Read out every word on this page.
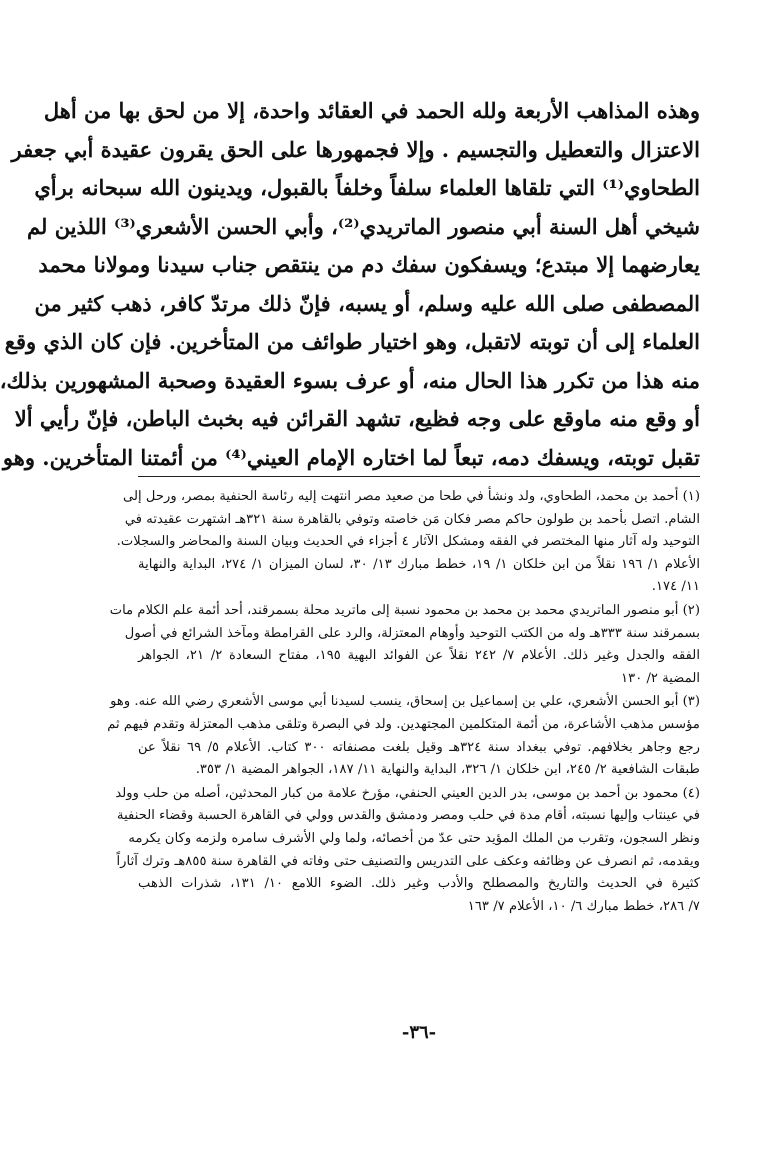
وهذه المذاهب الأربعة ولله الحمد في العقائد واحدة، إلا من لحق بها من أهل
الاعتزال والتعطيل والتجسيم . وإلا فجمهورها على الحق يقرون عقيدة أبي جعفر
الطحاوي⁽¹⁾ التي تلقاها العلماء سلفاً وخلفاً بالقبول، ويدينون الله سبحانه برأي
شيخي أهل السنة أبي منصور الماتريدي⁽²⁾، وأبي الحسن الأشعري⁽³⁾ اللذين لم
يعارضهما إلا مبتدع؛ ويسفكون سفك دم من ينتقص جناب سيدنا ومولانا محمد
المصطفى صلى الله عليه وسلم، أو يسبه، فإنّ ذلك مرتدّ كافر، ذهب كثير من
العلماء إلى أن توبته لاتقبل، وهو اختيار طوائف من المتأخرين. فإن كان الذي وقع
منه هذا من تكرر هذا الحال منه، أو عرف بسوء العقيدة وصحبة المشهورين بذلك،
أو وقع منه ماوقع على وجه فظيع، تشهد القرائن فيه بخبث الباطن، فإنّ رأيي ألا
تقبل توبته، ويسفك دمه، تبعاً لما اختاره الإمام العيني⁽⁴⁾ من أئمتنا المتأخرين. وهو
(١) أحمد بن محمد، الطحاوي، ولد ونشأ في طحا من صعيد مصر انتهت إليه رئاسة الحنفية بمصر، ورحل إلى
الشام. اتصل بأحمد بن طولون حاكم مصر فكان مَن خاصته وتوفي بالقاهرة سنة ٣٢١هـ اشتهرت عقيدته في
التوحيد وله آثار منها المختصر في الفقه ومشكل الآثار ٤ أجزاء في الحديث وبيان السنة والمحاضر والسجلات.
الأعلام ١/ ١٩٦ نقلاً من ابن خلكان ١/ ١٩، خطط مبارك ١٣/ ٣٠، لسان الميزان ١/ ٢٧٤، البداية والنهاية
١١/ ١٧٤.
(٢) أبو منصور الماتريدي محمد بن محمد بن محمود نسبة إلى ماتريد محلة بسمرقند، أحد أئمة علم الكلام مات
بسمرقند سنة ٣٣٣هـ وله من الكتب التوحيد وأوهام المعتزلة، والرد على القرامطة ومآخذ الشرائع في أصول
الفقه والجدل وغير ذلك. الأعلام ٧/ ٢٤٢ نقلاً عن الفوائد البهية ١٩٥، مفتاح السعادة ٢/ ٢١، الجواهر
المضية ٢/ ١٣٠
(٣) أبو الحسن الأشعري، علي بن إسماعيل بن إسحاق، ينسب لسيدنا أبي موسى الأشعري رضي الله عنه. وهو
مؤسس مذهب الأشاعرة، من أئمة المتكلمين المجتهدين. ولد في البصرة وتلقى مذهب المعتزلة وتقدم فيهم ثم
رجع وجاهر بخلافهم. توفي ببغداد سنة ٣٢٤هـ وقيل بلغت مصنفاته ٣٠٠ كتاب. الأعلام ٥/ ٦٩ نقلاً عن
طبقات الشافعية ٢/ ٢٤٥، ابن خلكان ١/ ٣٢٦، البداية والنهاية ١١/ ١٨٧، الجواهر المضية ١/ ٣٥٣.
(٤) محمود بن أحمد بن موسى، بدر الدين العيني الحنفي، مؤرخ علامة من كبار المحدثين، أصله من حلب وولد
في عينتاب وإليها نسبته، أقام مدة في حلب ومصر ودمشق والقدس وولي في القاهرة الحسبة وقضاء الحنفية
ونظر السجون، وتقرب من الملك المؤيد حتى عدّ من أخصائه، ولما ولي الأشرف سامره ولزمه وكان يكرمه
ويقدمه، ثم انصرف عن وظائفه وعكف على التدريس والتصنيف حتى وفاته في القاهرة سنة ٨٥٥هـ وترك آثاراً
كثيرة في الحديث والتاريخ والمصطلح والأدب وغير ذلك. الضوء اللامع ١٠/ ١٣١، شذرات الذهب
٧/ ٢٨٦، خطط مبارك ٦/ ١٠، الأعلام ٧/ ١٦٣
-٣٦-
